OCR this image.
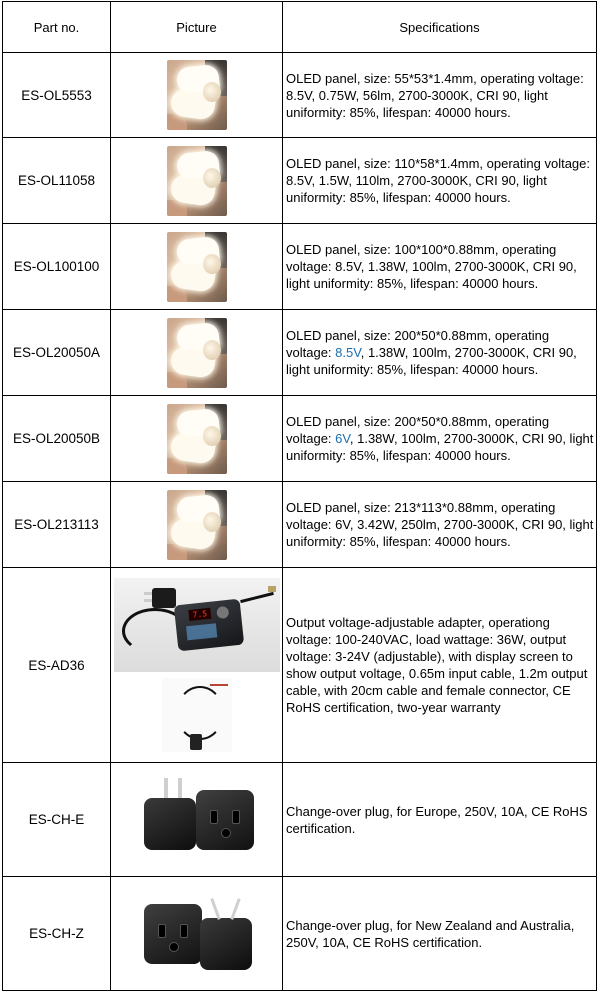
Part no.	Picture	Specifications
ES-OL5553		OLED panel, size: 55*53*1.4mm, operating voltage: 8.5V, 0.75W, 56lm, 2700-3000K, CRI 90, light uniformity: 85%, lifespan: 40000 hours.
ES-OL11058		OLED panel, size: 110*58*1.4mm, operating voltage: 8.5V, 1.5W, 110lm, 2700-3000K, CRI 90, light uniformity: 85%, lifespan: 40000 hours.
ES-OL100100		OLED panel, size: 100*100*0.88mm, operating voltage: 8.5V, 1.38W, 100lm, 2700-3000K, CRI 90, light uniformity: 85%, lifespan: 40000 hours.
ES-OL20050A		OLED panel, size: 200*50*0.88mm, operating voltage: 8.5V, 1.38W, 100lm, 2700-3000K, CRI 90, light uniformity: 85%, lifespan: 40000 hours.
ES-OL20050B		OLED panel, size: 200*50*0.88mm, operating voltage: 6V, 1.38W, 100lm, 2700-3000K, CRI 90, light uniformity: 85%, lifespan: 40000 hours.
ES-OL213113		OLED panel, size: 213*113*0.88mm, operating voltage: 6V, 3.42W, 250lm, 2700-3000K, CRI 90, light uniformity: 85%, lifespan: 40000 hours.
ES-AD36	7.5	Output voltage-adjustable adapter, operationg voltage: 100-240VAC, load wattage: 36W, output voltage: 3-24V (adjustable), with display screen to show output voltage, 0.65m input cable, 1.2m output cable, with 20cm cable and female connector, CE RoHS certification, two-year warranty
ES-CH-E		Change-over plug, for Europe, 250V, 10A, CE RoHS certification.
ES-CH-Z		Change-over plug, for New Zealand and Australia, 250V, 10A, CE RoHS certification.
